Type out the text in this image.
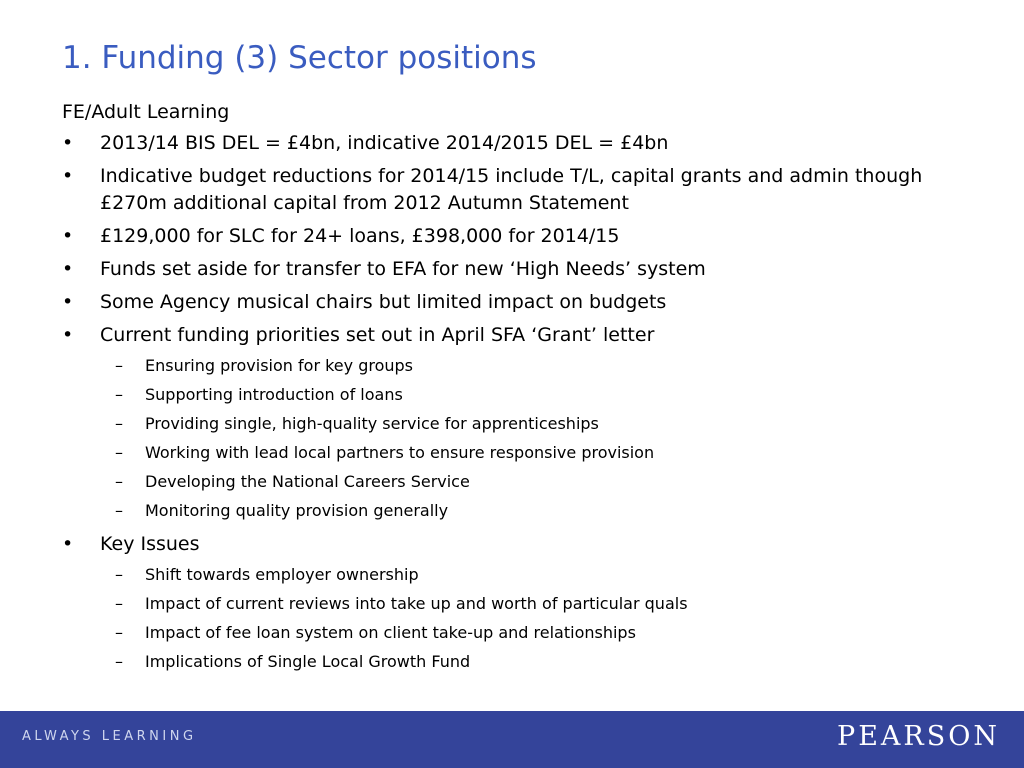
1. Funding (3) Sector positions
FE/Adult Learning
• 2013/14 BIS DEL = £4bn, indicative 2014/2015 DEL = £4bn
• Indicative budget reductions for 2014/15 include T/L, capital grants and admin though £270m additional capital from 2012 Autumn Statement
• £129,000 for SLC for 24+ loans, £398,000 for 2014/15
• Funds set aside for transfer to EFA for new ‘High Needs’ system
• Some Agency musical chairs but limited impact on budgets
• Current funding priorities set out in April SFA ‘Grant’ letter
– Ensuring provision for key groups
– Supporting introduction of loans
– Providing single, high-quality service for apprenticeships
– Working with lead local partners to ensure responsive provision
– Developing the National Careers Service
– Monitoring quality provision generally
• Key Issues
– Shift towards employer ownership
– Impact of current reviews into take up and worth of particular quals
– Impact of fee loan system on client take-up and relationships
– Implications of Single Local Growth Fund
ALWAYS LEARNING	PEARSON
